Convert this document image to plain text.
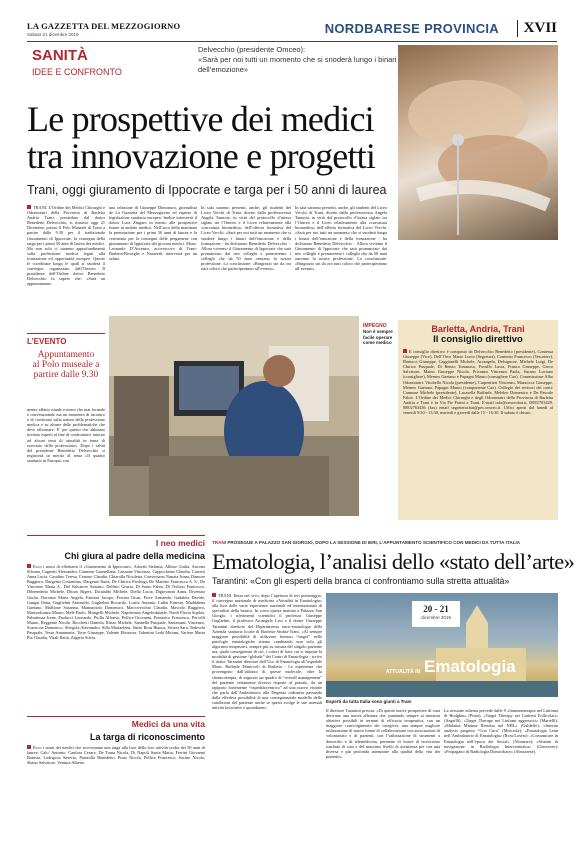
LA GAZZETTA DEL MEZZOGIORNO
Sabato 21 dicembre 2019	NORDBARESE PROVINCIA	XVII
SANITÀ
IDEE E CONFRONTO
Delvecchio (presidente Omceo):
«Sarà per noi tutti un momento che si snoderà lungo i binari dell’emozione»
Le prospettive dei medici
tra innovazione e progetti
Trani, oggi giuramento di Ippocrate e targa per i 50 anni di laurea
TRANI. L’Ordine dei Medici Chirurghi e Odontoiatri della Provincia di Barletta Andria Trani, presieduto dal dottor Benedetto Delvecchio, si riunisce oggi 21 Dicembre, presso il Polo Museale di Trani a partire dalle 9.30 per il tradizionale Giuramento di Ippocrate, la consegna della targa per i primi 50 anni di laurea dei medici. Ma non solo ci saranno approfondimenti sulla professione medica legati alla formazione ed opportunità europee. Queste le coordinate lungo le quali si snoderà il convegno organizzato dall’Omceo. Il presidente dell’Ordine dottor Benedetto Delvecchio fa sapere che: «Sarà un appuntamento
L’EVENTO
Appuntamento
al Polo museale a
partire dalle 9.30
niente affatto rituale e meno che mai formale e convenzionale ma un momento di incontro e di confronto sulla natura della professione medica e su alcune delle problematiche che deve affrontare. E’ per questo che abbiamo invitato esperti al fine di confrontarci intorno ad alcuni temi di attualità in tema di esercizio della professione». Dopo i saluti del presidente Benedetto Delvecchio si registrerà in merito al tema «Il quadro sanitario in Europa» con
una relazione di Giuseppe Dimonaco, giornalista de La Gazzetta del Mezzogiorno ed esperto di legislazione sanitaria europea. Inoltre interverrà il dottor Luca Zingaro in merito alle prospettive future in ambito medico. Nell’arco della mattinata la premiazione per i primi 50 anni di laurea e la cerimonia per la consegna delle pergamene con giuramento di Ippocrate dei giovani medici. Mons. Leonardo D’Ascenzo, arcivescovo di Trani-Barletta-Bisceglie e Nazareth, interverrà per un saluto.
In sala saranno presenti, anche, gli studenti del Liceo Vecchi di Trani, diretto dalla professoressa Angela Tannoia, in virtù del protocollo d’intesa siglato tra l’Omceo e il Liceo relativamente alla «curvatura biomedica» dell’offerta formativa del Liceo Vecchi. «Sarà per noi tutti un momento che si snoderà lungo i binari dell’emozione e della formazione - ha dichiarato Benedetto Delvecchio -. Allora vivremo il Giuramento di Ippocrate che sarà pronunciato dai neo colleghi e premieremo i colleghi che da 50 anni onorano la nostra professione. La conclusione: «Ringrazio sin da ora tutti coloro che parteciperanno all’evento».
In sala saranno presenti, anche, gli studenti del Liceo Vecchi di Trani, diretto dalla professoressa Angela Tannoia, in virtù del protocollo d’intesa siglato tra l’Omceo e il Liceo relativamente alla «curvatura biomedica» dell’offerta formativa del Liceo Vecchi. «Sarà per noi tutti un momento che si snoderà lungo i binari dell’emozione e della formazione - ha dichiarato Benedetto Delvecchio -. Allora vivremo il Giuramento di Ippocrate che sarà pronunciato dai neo colleghi e premieremo i colleghi che da 50 anni onorano la nostra professione. La conclusione: «Ringrazio sin da ora tutti coloro che parteciperanno all’evento».
IMPEGNO
Non è sempre facile operare come medico
Barletta, Andria, Trani
Il consiglio direttivo
Il consiglio direttivo è composto da Delvecchio Benedetto (presidente), Contessa Giuseppe (Vice), Dell’Orco Mario Lucio (Segretari), Contento Francesco (Tesoriere), Bartucci Giuseppe, Caggianelli Michele, Arcangelo, Delsignore, Michele Luigi, De Chirico Pasquale, Di Renzo Tommaso, Favullo Lucia, Franco Giuseppe, Greco Salvatore, Maino Giuseppe Nicola, Pricanza Vincenza Paola, Surano Luciano (consigliere), Memeo Gaetano e Papagni Mauro (consigliere Cao). Commissione Albo Odontoiatri: Vitobello Nicola (presidente), Carpentieri Vincenzo, Mazzocca Giuseppe, Memeo Gaetano, Papagni Mauro (componente Cao). Collegio dei revisori dei conti: Cannone Michele (presidente), Lacasella Raffaele, Meleleo Domenico e De Pascale Fabio. L’Ordine dei Medici Chirurghi e degli Odontoiatri della Provincia di Barletta Andria e Trani è in Via Pie Parini a Trani. E-mail info@omceobat.it, 0883/703429, 0883/763436 (fax) email segreteria.bat@pec.omceo.it. Uffici aperti dal lunedì al venerdì 9:30 - 13:30, martedì e giovedì dalle 15 - 16:30. Il sabato è chiuso.
I neo medici
Chi giura al padre della medicina
Ecco i nomi di effettuerà il «Giuramento di Ippocrate»: Adorati Stefania, Albino Giulia, Ancona Silvana, Cagnetti Alessandro, Cannone Graziellana, Cannone Vincenzo, Cappochione Claudia, Carretti Anna Lucia, Casalino Teresa, Centaro Claudia, Chiarolla Nicoletta, Conversano Nunzia Ivana, Damore Ruggiero, Dargenio Costantino, Dargenio Ilaria, De Chirico Pierluigi, De Martino Francesco A. S., De Vincenzo Maria A., Del Salvatore Antonio, Delfino Grazia, Di Santo Fabio, Di Terlizzi Francesco, Dibenedetto Michele, Ditoro Rigers, Dicataldo Michele, Diella Lucia, Digiovanni Anna, Divenuto Giulia, Doronzo Maria Angela, Fanizza Jacopo, Ferrara Giusi, Fiore Armando, Gadaleta Davide, Gangai Ilaria, Guglielmi Antonella, Guglielmi Riccardo, Losito Antonio, Lullai Ernesto, Maddalena Gaetano, Maffione Susanna, Mannatrizio Domenico, Marcovecchio Claudia, Mascolo Ruggiero, Mastrodonato Mauro, Mele Paolo, Mongelli Michele, Napoletano Angelodaniele, Nardi Flavia Sophia, Palmitessa Irene, Paolucci Leonardo, Piolla Alfonso, Pollice Giovanni, Pomarico Francesca, Porcelli Mauro, Reggente Nicola, Rocchetti Daniela, Russo Michele, Sannella Pasquale, Santeramo Vincenzo, Scaraccia Domenico, Sfregola Alessandro, Silla Mariaelena, Sinisi Rosa Bianca, Sirresi Sara, Tedeschi Pasquale, Tesse Annamaria, Torre Giuseppe, Valente Eleonora, Valentini Leda Miriam, Varlese Maria Pia Claudia, Vitali Ilaria, Zagaria Silvia.
Medici da una vita
La targa di riconoscimento
Ecco i nomi dei medici che riceveranno una targa alla luce della loro attività svolta dei 50 anni di laurea: Calo’ Antonio, Canfora Cesare, De Toma Nicola, Di Napoli Sonia Maria, Ferrini Giovanni Battista, Lodispoto Saverio, Piazzolla Benedetto, Pinto Nicola, Pollice Francesco, Sacino Nicola, Sbano Salvatore, Ventura Alberto.
TRANI PROSEGUE A PALAZZO SAN GIORGIO, DOPO LA SESSIONE DI IERI, L’APPUNTAMENTO SCIENTIFICO CON MEDICI DA TUTTA ITALIA
Ematologia, l’analisi dello «stato dell’arte»
Tarantini: «Con gli esperti della branca ci confrontiamo sulla stretta attualità»
TRANI. Entra nel vivo, dopo l’apertura di ieri pomeriggio, il convegno nazionale di medicina «Attualità in Ematologia» alla luce delle varie esperienze nazionali ed internazionali di specialisti della branca. In corso questa mattina a Palazzo San Giorgio, i riferimenti scientifici il professor Giuseppe Guglielmi, il professor Arcangelo Liso e il dottor Giuseppe Tarantini direttore del Dipartimento onco-ematologia della Azienda sanitaria locale di Barletta-Andria-Trani. «Al sempre maggiore possibilità di utilizzare farmaci “target” nelle patologie ematologiche stiamo cambiando non solo gli algoritmi terapeutici, sempre più su misura del singolo paziente ma, quale conseguenza di ciò, i criteri di base cui si impone la modalità di gestione “globale” dei Centri di Ematologia - scrive il dottor Tarantini direttore dell’Uoc di Ematologia all’ospedale Mons. Raffaele Dimiccoli di Barletta - Le esperienze che provengono dall’utilizzo di queste molecole, oltre la chemioterapia, di seguono un quadro di “overall management” del paziente certamente diverso rispetto al passato, da un rapporto fortemente “ospedalocentrico” ad una nuova visione che parla dall’Ambulatorio alla Degenza ordinaria passando dalla effettiva possibilità di una conseguenziale modello delle condizioni del paziente anche se questi svolge le sue normali attività lavorative e quotidiane».
20 - 21
dicembre 2019
ATTUALITÀ IN Ematologia
Esperti da tutta Italia sono giunti a Trani
Il direttore Tarantini precisa: «Di queste nuove prospettive di cura derivano una nuova alleanza che, puntando sempre ai massimi obiettivi possibili in termini di efficacia terapeutica, con un maggiore coinvolgimento dei caregiver, una sempre migliore utilizzazione di nuove forme di collaborazione con associazioni di volontariato e di pazienti, con l’utilizzazione di strumenti a domicilio e di telemedicina, permette di fronte di tecnicismo risultato di cura e del massimo livello di assistenza per con una diversa e più profonda attenzione alla qualità della vita dei pazienti».
La sessione odierna prevede dalle 9 «Immunoterapia nel Linfoma di Hodgkin» (Pinto), «Target Therapy nei Linfomi Follicolari» (Angrilli), «Target Therapy nei Linfomi aggressivi» (Martelli); «Malattia Minima Residua nel NHL» (Galdeffe): «Interim analysis progetto “Con Cura” (Morciola); «Ematologia Lean nell’Ambulatorio di Ematologia» (Ross/Loseto): «Comunicare in Ematologia nell’epoca dei Social» (Altomare); «Sistemi di navigazione in Radiologia Interventistica» (Genovese); «Propagatto di Radiologia Domiciliare» (Abruzzese).
